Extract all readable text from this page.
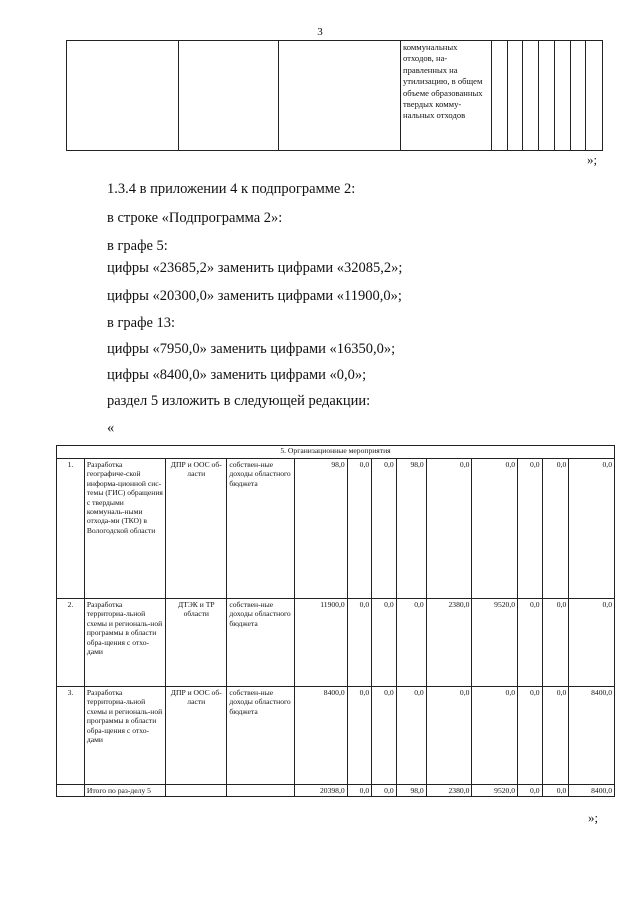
3
			коммунальных отходов, на-правленных на утилизацию, в общем объеме образованных твердых комму-нальных отходов							
»;
1.3.4 в приложении 4 к подпрограмме 2:
в строке «Подпрограмма 2»:
в графе 5:
цифры «23685,2» заменить цифрами «32085,2»;
цифры «20300,0» заменить цифрами «11900,0»;
в графе 13:
цифры «7950,0» заменить цифрами «16350,0»;
цифры «8400,0» заменить цифрами «0,0»;
раздел 5 изложить в следующей редакции:
«
5. Организационные мероприятия												
1.	Разработка географиче-ской информа-ционной сис-темы (ГИС) обращения с твердыми коммуналь-ными отхода-ми (ТКО) в Вологодской области	ДПР и ООС об-ласти	собствен-ные доходы областного бюджета	98,0	0,0	0,0	98,0	0,0	0,0	0,0	0,0	0,0
2.	Разработка территориа-льной схемы и региональ-ной программы в области обра-щения с отхо-дами	ДТЭК и ТР области	собствен-ные доходы областного бюджета	11900,0	0,0	0,0	0,0	2380,0	9520,0	0,0	0,0	0,0
3.	Разработка территориа-льной схемы и региональ-ной программы в области обра-щения с отхо-дами	ДПР и ООС об-ласти	собствен-ные доходы областного бюджета	8400,0	0,0	0,0	0,0	0,0	0,0	0,0	0,0	8400,0
	Итого по раз-делу 5			20398,0	0,0	0,0	98,0	2380,0	9520,0	0,0	0,0	8400,0
»;
